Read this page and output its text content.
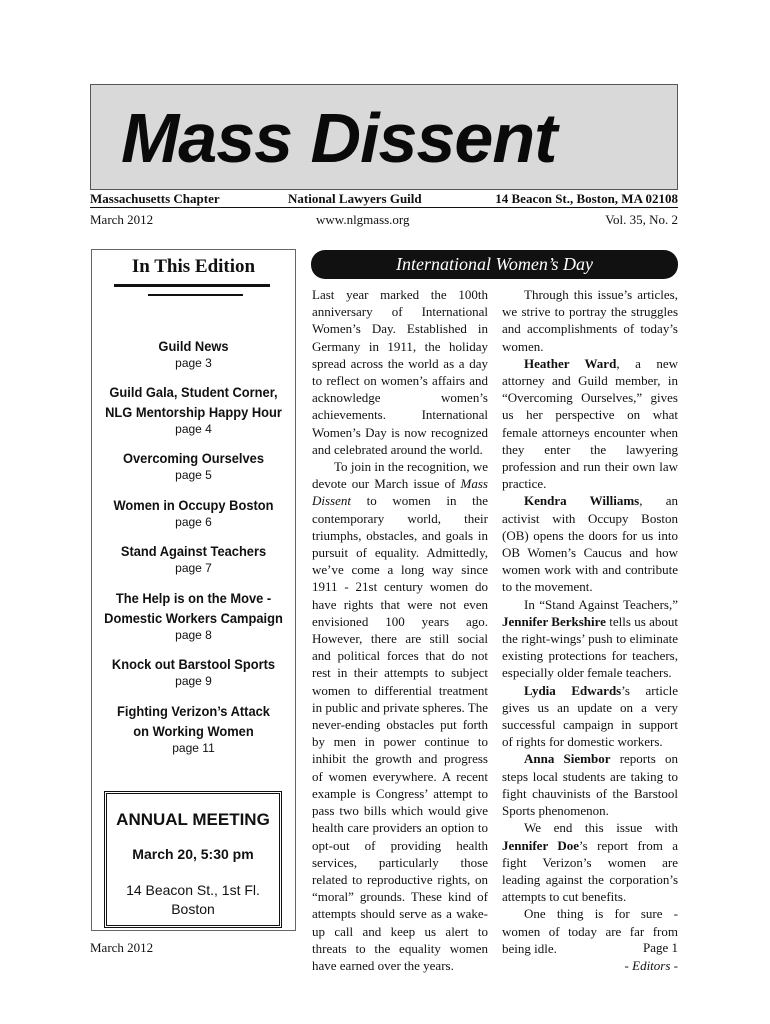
Mass Dissent
Massachusetts Chapter	National Lawyers Guild	14 Beacon St., Boston, MA 02108
March 2012	www.nlgmass.org	Vol. 35, No. 2
In This Edition
Guild News
page 3
Guild Gala, Student Corner, NLG Mentorship Happy Hour
page 4
Overcoming Ourselves
page 5
Women in Occupy Boston
page 6
Stand Against Teachers
page 7
The Help is on the Move - Domestic Workers Campaign
page 8
Knock out Barstool Sports
page 9
Fighting Verizon’s Attack on Working Women
page 11
ANNUAL MEETING
March 20, 5:30 pm
14 Beacon St., 1st Fl. Boston
International Women’s Day

Last year marked the 100th anniversary of International Women’s Day. Established in Germany in 1911, the holiday spread across the world as a day to reflect on women’s affairs and acknowledge women’s achievements. International Women’s Day is now recognized and celebrated around the world.

To join in the recognition, we devote our March issue of Mass Dissent to women in the contemporary world, their triumphs, obstacles, and goals in pursuit of equality. Admittedly, we’ve come a long way since 1911 - 21st century women do have rights that were not even envisioned 100 years ago. However, there are still social and political forces that do not rest in their attempts to subject women to differential treatment in public and private spheres. The never-ending obstacles put forth by men in power continue to inhibit the growth and progress of women everywhere. A recent example is Congress’ attempt to pass two bills which would give health care providers an option to opt-out of providing health services, particularly those related to reproductive rights, on “moral” grounds. These kind of attempts should serve as a wake-up call and keep us alert to threats to the equality women have earned over the years.

Through this issue’s articles, we strive to portray the struggles and accomplishments of today’s women.

Heather Ward, a new attorney and Guild member, in “Overcoming Ourselves,” gives us her perspective on what female attorneys encounter when they enter the lawyering profession and run their own law practice.

Kendra Williams, an activist with Occupy Boston (OB) opens the doors for us into OB Women’s Caucus and how women work with and contribute to the movement.

In “Stand Against Teachers,” Jennifer Berkshire tells us about the right-wings’ push to eliminate existing protections for teachers, especially older female teachers.

Lydia Edwards’s article gives us an update on a very successful campaign in support of rights for domestic workers.

Anna Siembor reports on steps local students are taking to fight chauvinists of the Barstool Sports phenomenon.

We end this issue with Jennifer Doe’s report from a fight Verizon’s women are leading against the corporation’s attempts to cut benefits.

One thing is for sure - women of today are far from being idle.

- Editors -

March 2012	Page 1
